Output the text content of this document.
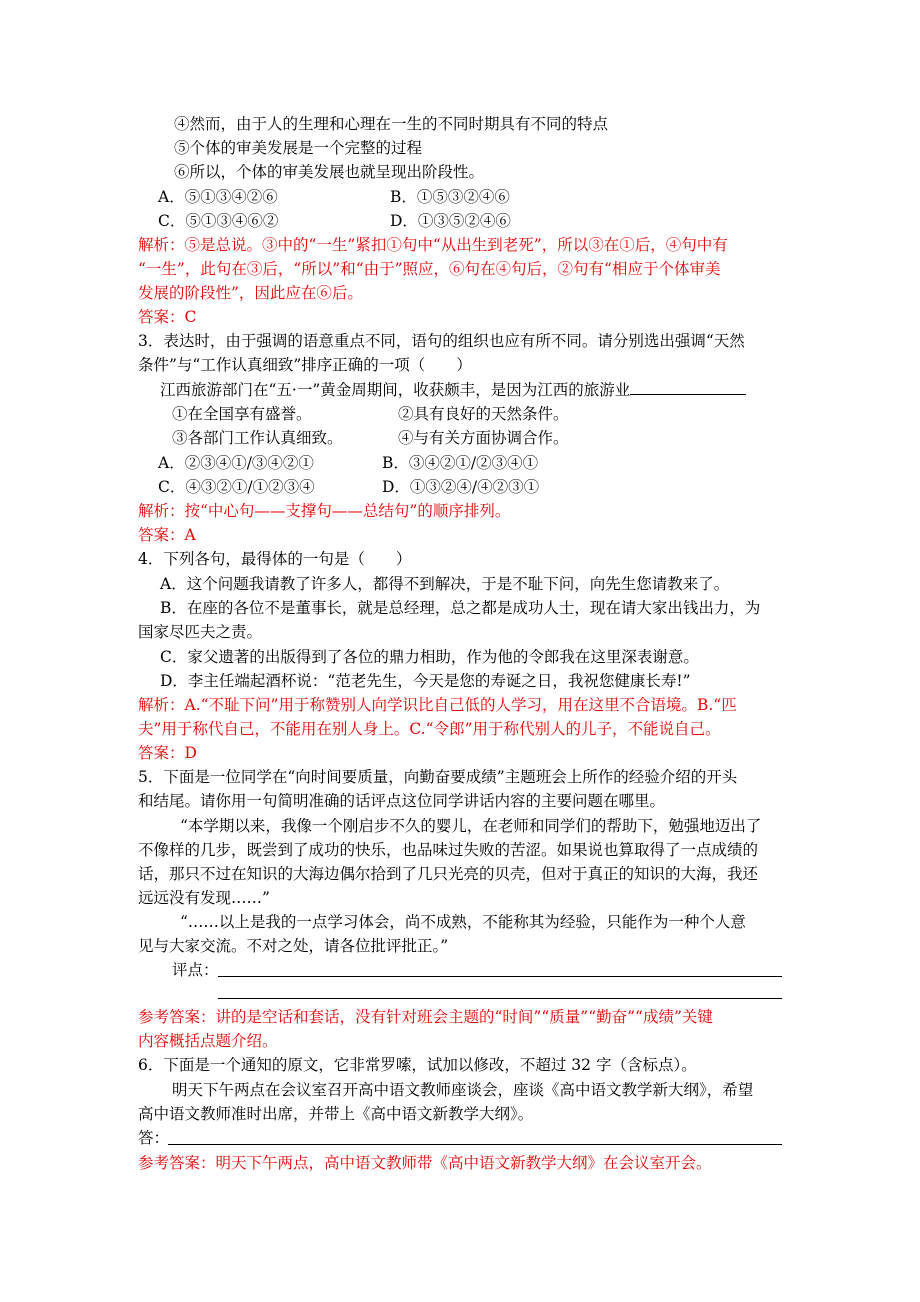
④然而，由于人的生理和心理在一生的不同时期具有不同的特点
⑤个体的审美发展是一个完整的过程
⑥所以，个体的审美发展也就呈现出阶段性。
A．⑤①③④②⑥	B．①⑤③②④⑥
C．⑤①③④⑥②	D．①③⑤②④⑥
解析：⑤是总说。③中的“一生”紧扣①句中“从出生到老死”，所以③在①后，④句中有
“一生”，此句在③后，“所以”和“由于”照应，⑥句在④句后，②句有“相应于个体审美
发展的阶段性”，因此应在⑥后。
答案：C
3．表达时，由于强调的语意重点不同，语句的组织也应有所不同。请分别选出强调“天然
条件”与“工作认真细致”排序正确的一项（　　）
江西旅游部门在“五·一”黄金周期间，收获颇丰，是因为江西的旅游业
①在全国享有盛誉。	②具有良好的天然条件。
③各部门工作认真细致。	④与有关方面协调合作。
A．②③④①/③④②①	B．③④②①/②③④①
C．④③②①/①②③④	D．①③②④/④②③①
解析：按“中心句——支撑句——总结句”的顺序排列。
答案：A
4．下列各句，最得体的一句是（　　）
A．这个问题我请教了许多人，都得不到解决，于是不耻下问，向先生您请教来了。
B．在座的各位不是董事长，就是总经理，总之都是成功人士，现在请大家出钱出力，为
国家尽匹夫之责。
C．家父遗著的出版得到了各位的鼎力相助，作为他的令郎我在这里深表谢意。
D．李主任端起酒杯说：“范老先生，今天是您的寿诞之日，我祝您健康长寿!”
解析：A.“不耻下问”用于称赞别人向学识比自己低的人学习，用在这里不合语境。B.“匹
夫”用于称代自己，不能用在别人身上。C.“令郎”用于称代别人的儿子，不能说自己。
答案：D
5．下面是一位同学在“向时间要质量，向勤奋要成绩”主题班会上所作的经验介绍的开头
和结尾。请你用一句简明准确的话评点这位同学讲话内容的主要问题在哪里。
“本学期以来，我像一个刚启步不久的婴儿，在老师和同学们的帮助下，勉强地迈出了
不像样的几步，既尝到了成功的快乐，也品味过失败的苦涩。如果说也算取得了一点成绩的
话，那只不过在知识的大海边偶尔拾到了几只光亮的贝壳，但对于真正的知识的大海，我还
远远没有发现……”
“……以上是我的一点学习体会，尚不成熟，不能称其为经验，只能作为一种个人意
见与大家交流。不对之处，请各位批评批正。”
评点：
参考答案：讲的是空话和套话，没有针对班会主题的“时间”“质量”“勤奋”“成绩”关键
内容概括点题介绍。
6．下面是一个通知的原文，它非常罗嗦，试加以修改，不超过 32 字（含标点）。
明天下午两点在会议室召开高中语文教师座谈会，座谈《高中语文教学新大纲》，希望
高中语文教师准时出席，并带上《高中语文新教学大纲》。
答：
参考答案：明天下午两点，高中语文教师带《高中语文新教学大纲》在会议室开会。
